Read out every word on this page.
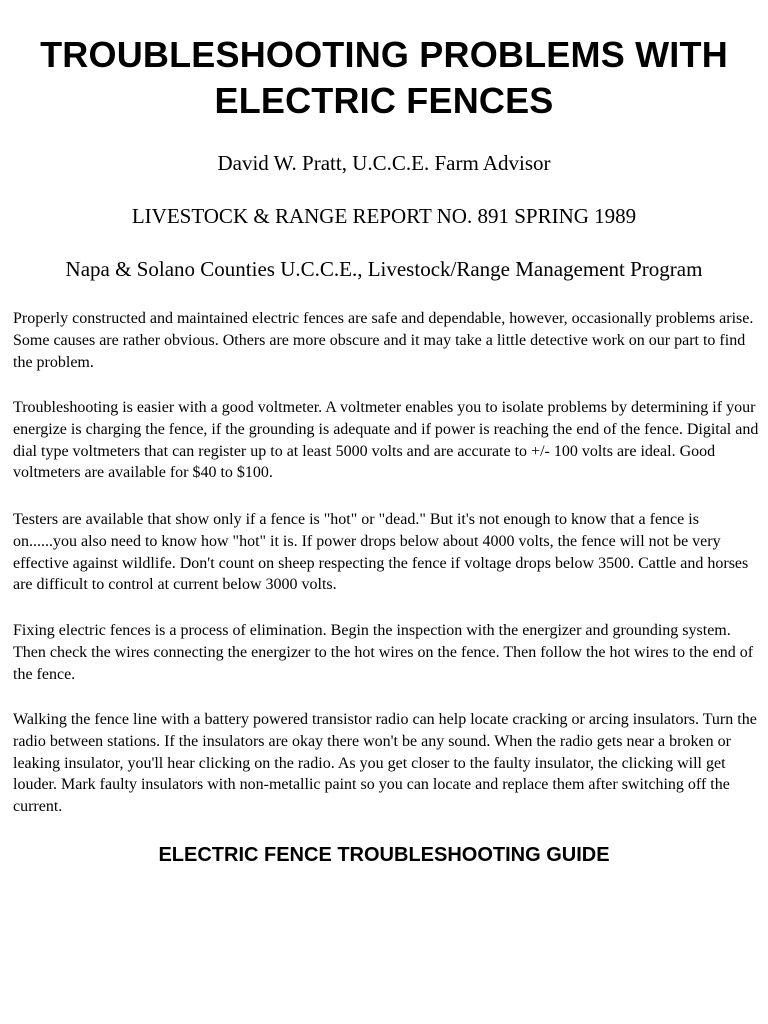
TROUBLESHOOTING PROBLEMS WITH ELECTRIC FENCES

David W. Pratt, U.C.C.E. Farm Advisor

LIVESTOCK & RANGE REPORT NO. 891 SPRING 1989

Napa & Solano Counties U.C.C.E., Livestock/Range Management Program

Properly constructed and maintained electric fences are safe and dependable, however, occasionally problems arise. Some causes are rather obvious. Others are more obscure and it may take a little detective work on our part to find the problem.

Troubleshooting is easier with a good voltmeter. A voltmeter enables you to isolate problems by determining if your energize is charging the fence, if the grounding is adequate and if power is reaching the end of the fence. Digital and dial type voltmeters that can register up to at least 5000 volts and are accurate to +/- 100 volts are ideal. Good voltmeters are available for $40 to $100.

Testers are available that show only if a fence is "hot" or "dead." But it's not enough to know that a fence is on......you also need to know how "hot" it is. If power drops below about 4000 volts, the fence will not be very effective against wildlife. Don't count on sheep respecting the fence if voltage drops below 3500. Cattle and horses are difficult to control at current below 3000 volts.

Fixing electric fences is a process of elimination. Begin the inspection with the energizer and grounding system. Then check the wires connecting the energizer to the hot wires on the fence. Then follow the hot wires to the end of the fence.

Walking the fence line with a battery powered transistor radio can help locate cracking or arcing insulators. Turn the radio between stations. If the insulators are okay there won't be any sound. When the radio gets near a broken or leaking insulator, you'll hear clicking on the radio. As you get closer to the faulty insulator, the clicking will get louder. Mark faulty insulators with non-metallic paint so you can locate and replace them after switching off the current.

ELECTRIC FENCE TROUBLESHOOTING GUIDE
